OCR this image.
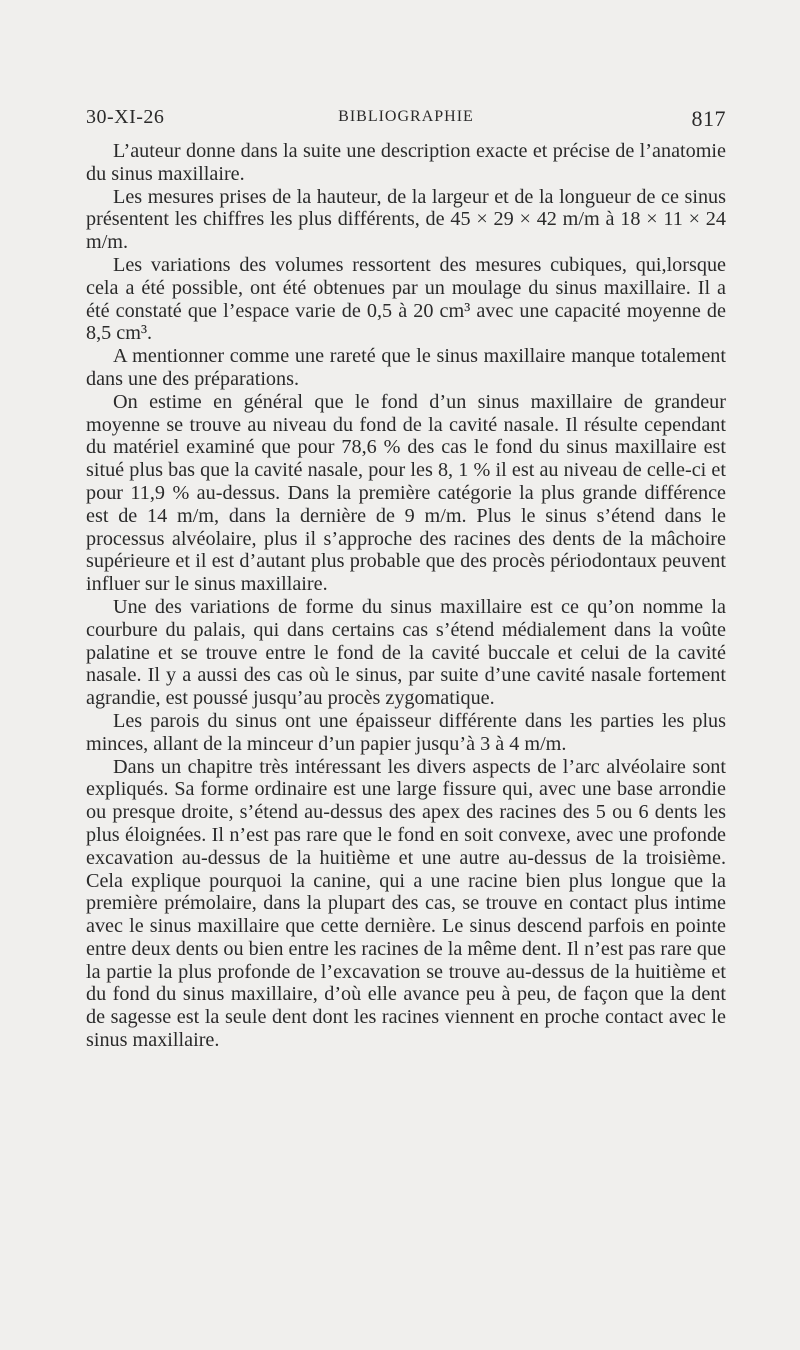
30-XI-26	BIBLIOGRAPHIE	817

L’auteur donne dans la suite une description exacte et précise de l’anatomie du sinus maxillaire.

Les mesures prises de la hauteur, de la largeur et de la longueur de ce sinus présentent les chiffres les plus différents, de 45 × 29 × 42 m/m à 18 × 11 × 24 m/m.

Les variations des volumes ressortent des mesures cubiques, qui,lorsque cela a été possible, ont été obtenues par un moulage du sinus maxillaire. Il a été constaté que l’espace varie de 0,5 à 20 cm³ avec une capacité moyenne de 8,5 cm³.

A mentionner comme une rareté que le sinus maxillaire manque totalement dans une des préparations.

On estime en général que le fond d’un sinus maxillaire de grandeur moyenne se trouve au niveau du fond de la cavité nasale. Il résulte cependant du matériel examiné que pour 78,6 % des cas le fond du sinus maxillaire est situé plus bas que la cavité nasale, pour les 8, 1 % il est au niveau de celle-ci et pour 11,9 % au-dessus. Dans la première catégorie la plus grande différence est de 14 m/m, dans la dernière de 9 m/m. Plus le sinus s’étend dans le processus alvéolaire, plus il s’approche des racines des dents de la mâchoire supérieure et il est d’autant plus probable que des procès périodontaux peuvent influer sur le sinus maxillaire.

Une des variations de forme du sinus maxillaire est ce qu’on nomme la courbure du palais, qui dans certains cas s’étend médialement dans la voûte palatine et se trouve entre le fond de la cavité buccale et celui de la cavité nasale. Il y a aussi des cas où le sinus, par suite d’une cavité nasale fortement agrandie, est poussé jusqu’au procès zygomatique.

Les parois du sinus ont une épaisseur différente dans les parties les plus minces, allant de la minceur d’un papier jusqu’à 3 à 4 m/m.

Dans un chapitre très intéressant les divers aspects de l’arc alvéolaire sont expliqués. Sa forme ordinaire est une large fissure qui, avec une base arrondie ou presque droite, s’étend au-dessus des apex des racines des 5 ou 6 dents les plus éloignées. Il n’est pas rare que le fond en soit convexe, avec une profonde excavation au-dessus de la huitième et une autre au-dessus de la troisième. Cela explique pourquoi la canine, qui a une racine bien plus longue que la première prémolaire, dans la plupart des cas, se trouve en contact plus intime avec le sinus maxillaire que cette dernière. Le sinus descend parfois en pointe entre deux dents ou bien entre les racines de la même dent. Il n’est pas rare que la partie la plus profonde de l’excavation se trouve au-dessus de la huitième et du fond du sinus maxillaire, d’où elle avance peu à peu, de façon que la dent de sagesse est la seule dent dont les racines viennent en proche contact avec le sinus maxillaire.
